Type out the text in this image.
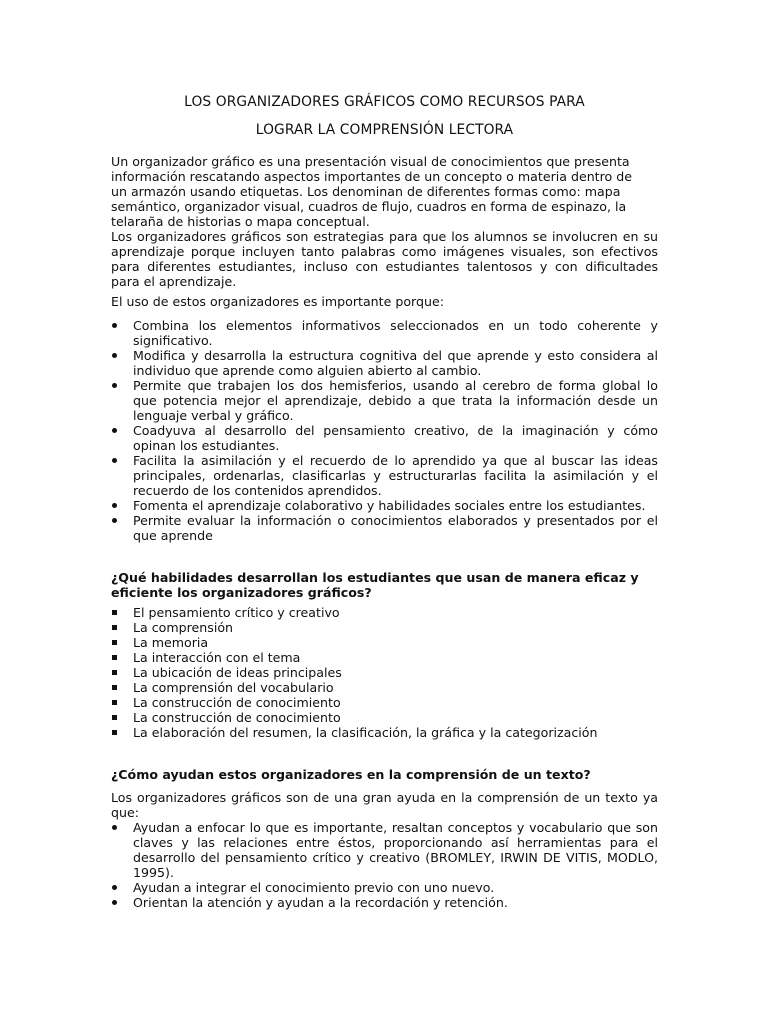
LOS ORGANIZADORES GRÁFICOS COMO RECURSOS PARA
LOGRAR LA COMPRENSIÓN LECTORA
Un organizador gráfico es una presentación visual de conocimientos que presenta
información rescatando aspectos importantes de un concepto o materia dentro de
un armazón usando etiquetas. Los denominan de diferentes formas como: mapa
semántico, organizador visual, cuadros de flujo, cuadros en forma de espinazo, la
telaraña de historias o mapa conceptual.

Los organizadores gráficos son estrategias para que los alumnos se involucren en su aprendizaje porque incluyen tanto palabras como imágenes visuales, son efectivos para diferentes estudiantes, incluso con estudiantes talentosos y con dificultades para el aprendizaje.

El uso de estos organizadores es importante porque:

Combina los elementos informativos seleccionados en un todo coherente y significativo.
Modifica y desarrolla la estructura cognitiva del que aprende y esto considera al individuo que aprende como alguien abierto al cambio.
Permite que trabajen los dos hemisferios, usando al cerebro de forma global lo que potencia mejor el aprendizaje, debido a que trata la información desde un lenguaje verbal y gráfico.
Coadyuva al desarrollo del pensamiento creativo, de la imaginación y cómo opinan los estudiantes.
Facilita la asimilación y el recuerdo de lo aprendido ya que al buscar las ideas principales, ordenarlas, clasificarlas y estructurarlas facilita la asimilación y el recuerdo de los contenidos aprendidos.
Fomenta el aprendizaje colaborativo y habilidades sociales entre los estudiantes.
Permite evaluar la información o conocimientos elaborados y presentados por el que aprende

¿Qué habilidades desarrollan los estudiantes que usan de manera eficaz y eficiente los organizadores gráficos?

El pensamiento crítico y creativo
La comprensión
La memoria
La interacción con el tema
La ubicación de ideas principales
La comprensión del vocabulario
La construcción de conocimiento
La construcción de conocimiento
La elaboración del resumen, la clasificación, la gráfica y la categorización

¿Cómo ayudan estos organizadores en la comprensión de un texto?

Los organizadores gráficos son de una gran ayuda en la comprensión de un texto ya que:

Ayudan a enfocar lo que es importante, resaltan conceptos y vocabulario que son claves y las relaciones entre éstos, proporcionando así herramientas para el desarrollo del pensamiento crítico y creativo (BROMLEY, IRWIN DE VITIS, MODLO, 1995).
Ayudan a integrar el conocimiento previo con uno nuevo.
Orientan la atención y ayudan a la recordación y retención.
